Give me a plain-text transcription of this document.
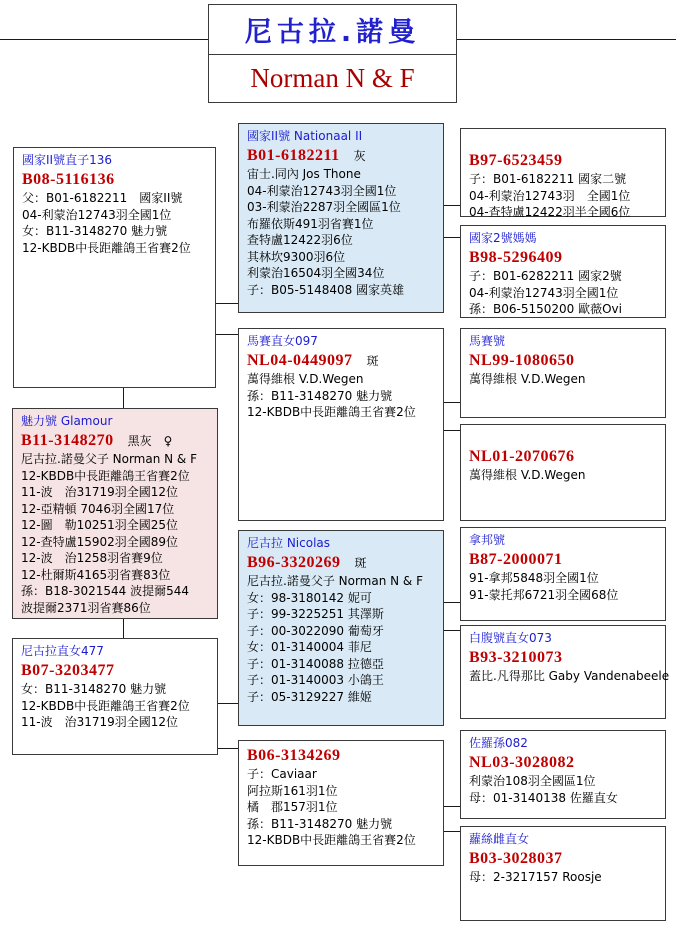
尼古拉.諾曼
Norman N & F
國家II號直子136
B08-5116136
父：B01-6182211　國家II號
04-利蒙治12743羽全國1位
女：B11-3148270 魅力號
12-KBDB中長距離鴿王省賽2位
魅力號 Glamour
B11-3148270 黑灰　♀
尼古拉.諾曼父子 Norman N & F
12-KBDB中長距離鴿王省賽2位
11-波　治31719羽全國12位
12-亞精頓 7046羽全國17位
12-圖　勒10251羽全國25位
12-查特盧15902羽全國89位
12-波　治1258羽省賽9位
12-杜爾斯4165羽省賽83位
孫：B18-3021544 波提爾544
波提爾2371羽省賽86位
尼古拉直女477
B07-3203477
女：B11-3148270 魅力號
12-KBDB中長距離鴿王省賽2位
11-波　治31719羽全國12位
國家II號 Nationaal II
B01-6182211 灰
宙士.同內 Jos Thone
04-利蒙治12743羽全國1位
03-利蒙治2287羽全國區1位
布羅依斯491羽省賽1位
查特盧12422羽6位
其林坎9300羽6位
利蒙治16504羽全國34位
子：B05-5148408 國家英雄
馬賽直女097
NL04-0449097 斑
萬得維根 V.D.Wegen
孫：B11-3148270 魅力號
12-KBDB中長距離鴿王省賽2位
尼古拉 Nicolas
B96-3320269 斑
尼古拉.諾曼父子 Norman N & F
女：98-3180142 妮可
子：99-3225251 其澤斯
子：00-3022090 葡萄牙
女：01-3140004 菲尼
子：01-3140088 拉德亞
子：01-3140003 小鴿王
子：05-3129227 維姬
B06-3134269
子：Caviaar
阿拉斯161羽1位
橘　郡157羽1位
孫：B11-3148270 魅力號
12-KBDB中長距離鴿王省賽2位
B97-6523459
子：B01-6182211 國家二號
04-利蒙治12743羽　全國1位
04-查特盧12422羽半全國6位
國家2號媽媽
B98-5296409
子：B01-6282211 國家2號
04-利蒙治12743羽全國1位
孫：B06-5150200 歐薇Ovi
馬賽號
NL99-1080650
萬得維根 V.D.Wegen
NL01-2070676
萬得維根 V.D.Wegen
拿邦號
B87-2000071
91-拿邦5848羽全國1位
91-蒙托邦6721羽全國68位
白腹號直女073
B93-3210073
蓋比.凡得那比 Gaby Vandenabeele
佐羅孫082
NL03-3028082
利蒙治108羽全國區1位
母：01-3140138 佐羅直女
蘿絲雌直女
B03-3028037
母：2-3217157 Roosje
